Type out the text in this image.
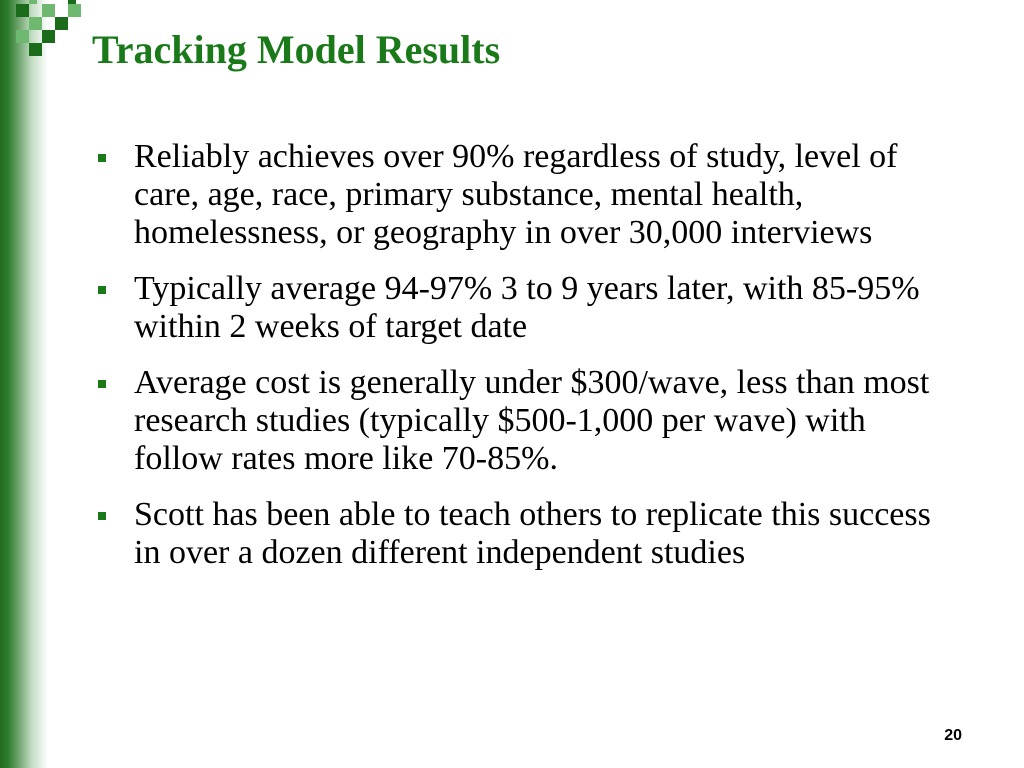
Tracking Model Results
Reliably achieves over 90% regardless of study, level of care, age, race, primary substance, mental health, homelessness, or geography in over 30,000 interviews
Typically average 94-97% 3 to 9 years later, with 85-95% within 2 weeks of target date
Average cost is generally under $300/wave, less than most research studies (typically $500-1,000 per wave) with follow rates more like 70-85%.
Scott has been able to teach others to replicate this success in over a dozen different independent studies
20
